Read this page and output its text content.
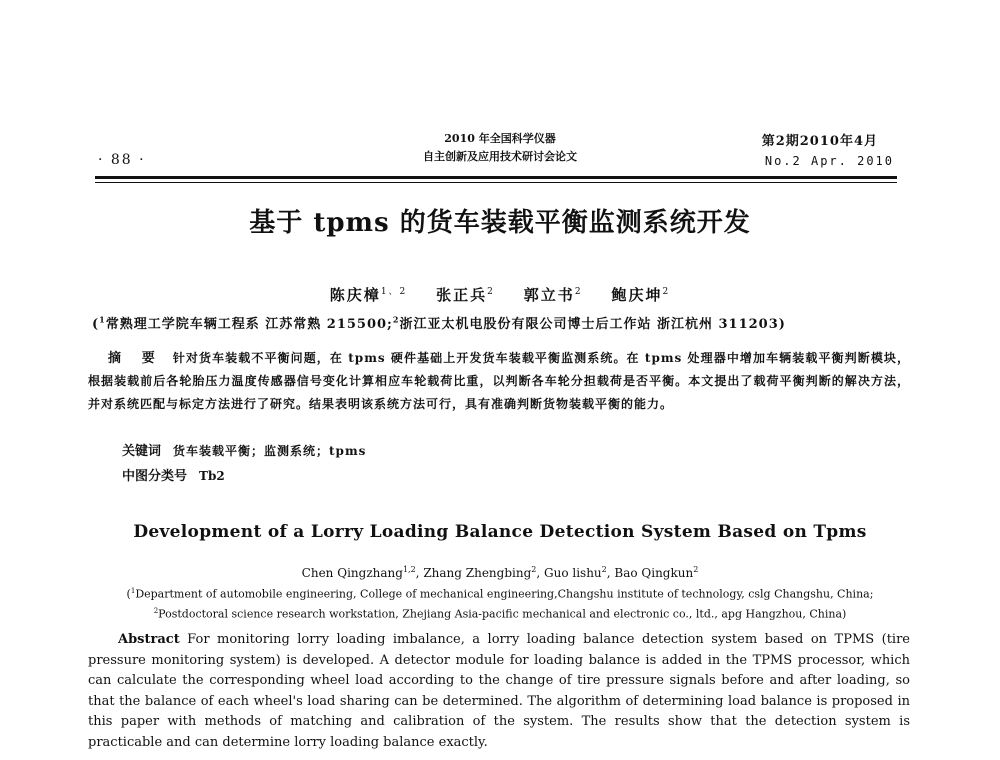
· 88 ·
2010 年全国科学仪器
自主创新及应用技术研讨会论文
第2期2010年4月
No.2 Apr. 2010
基于 tpms 的货车装载平衡监测系统开发
陈庆樟$^{1、2}$ 张正兵$^2$ 郭立书$^2$ 鲍庆坤$^2$
($^1$常熟理工学院车辆工程系 江苏常熟 215500;$^2$浙江亚太机电股份有限公司博士后工作站 浙江杭州 311203)
摘 要 针对货车装载不平衡问题，在 tpms 硬件基础上开发货车装载平衡监测系统。在 tpms 处理器中增加车辆装载平衡判断模块，根据装载前后各轮胎压力温度传感器信号变化计算相应车轮载荷比重，以判断各车轮分担载荷是否平衡。本文提出了载荷平衡判断的解决方法，并对系统匹配与标定方法进行了研究。结果表明该系统方法可行，具有准确判断货物装载平衡的能力。
关键词 货车装载平衡；监测系统；tpms
中图分类号 Tb2
Development of a Lorry Loading Balance Detection System Based on Tpms
Chen Qingzhang$^{1,2}$, Zhang Zhengbing$^2$, Guo lishu$^2$, Bao Qingkun$^2$
($^1$Department of automobile engineering, College of mechanical engineering,Changshu institute of technology, cslg Changshu, China;
$^2$Postdoctoral science research workstation, Zhejiang Asia-pacific mechanical and electronic co., ltd., apg Hangzhou, China)
Abstract For monitoring lorry loading imbalance, a lorry loading balance detection system based on TPMS (tire pressure monitoring system) is developed. A detector module for loading balance is added in the TPMS processor, which can calculate the corresponding wheel load according to the change of tire pressure signals before and after loading, so that the balance of each wheel's load sharing can be determined. The algorithm of determining load balance is proposed in this paper with methods of matching and calibration of the system. The results show that the detection system is practicable and can determine lorry loading balance exactly.
